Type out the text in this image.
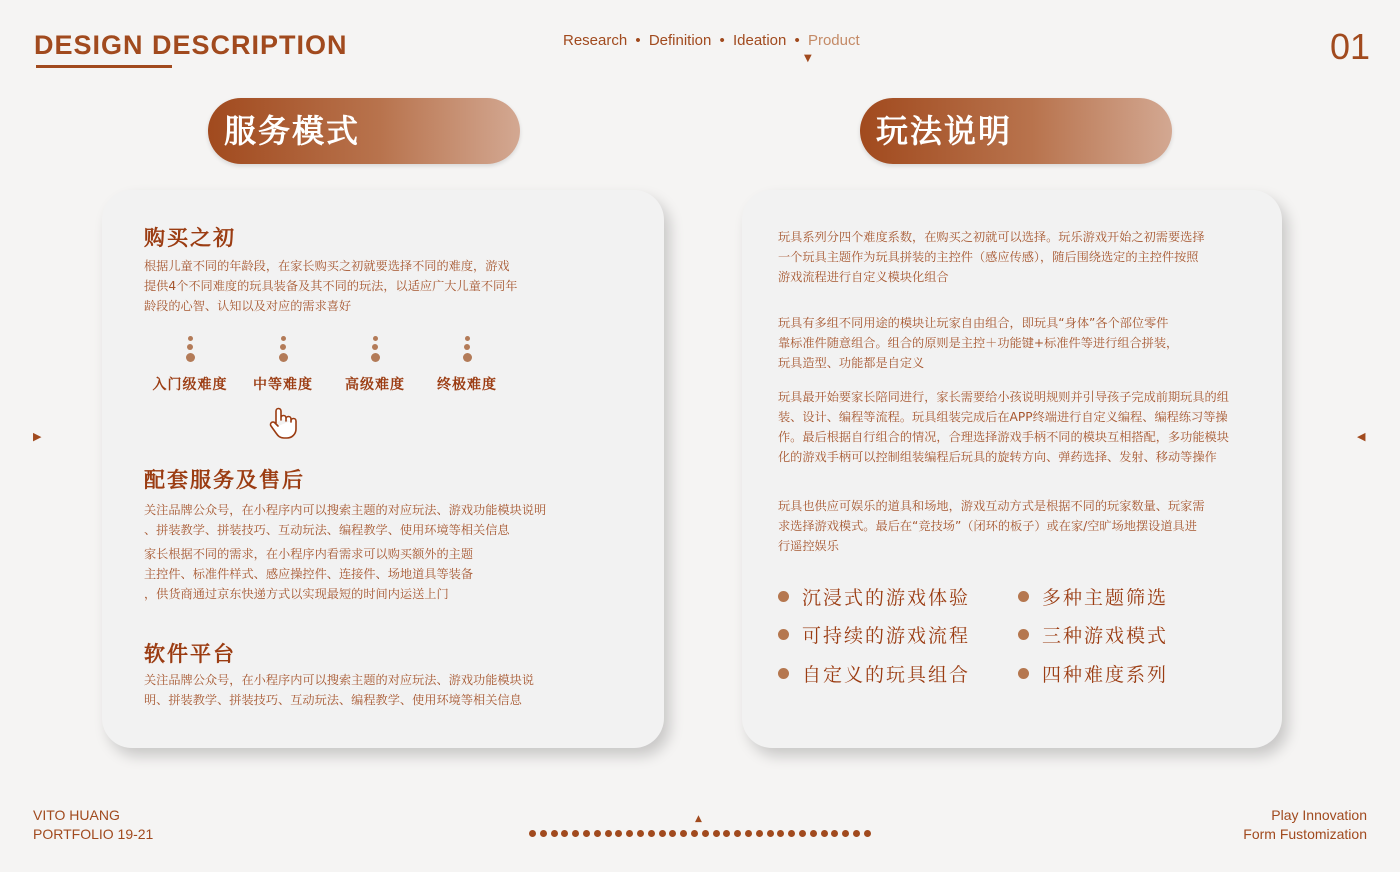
DESIGN DESCRIPTION	Research • Definition • Ideation • Product
▼	01
服务模式	玩法说明
购买之初
根据儿童不同的年龄段，在家长购买之初就要选择不同的难度，游戏
提供4个不同难度的玩具装备及其不同的玩法，以适应广大儿童不同年
龄段的心智、认知以及对应的需求喜好
入门级难度	中等难度	高级难度	终极难度
配套服务及售后
关注品牌公众号，在小程序内可以搜索主题的对应玩法、游戏功能模块说明
、拼装教学、拼装技巧、互动玩法、编程教学、使用环境等相关信息
家长根据不同的需求，在小程序内看需求可以购买额外的主题
主控件、标准件样式、感应操控件、连接件、场地道具等装备
，供货商通过京东快递方式以实现最短的时间内运送上门
软件平台
关注品牌公众号，在小程序内可以搜索主题的对应玩法、游戏功能模块说
明、拼装教学、拼装技巧、互动玩法、编程教学、使用环境等相关信息
玩具系列分四个难度系数，在购买之初就可以选择。玩乐游戏开始之初需要选择
一个玩具主题作为玩具拼装的主控件（感应传感），随后围绕选定的主控件按照
游戏流程进行自定义模块化组合
玩具有多组不同用途的模块让玩家自由组合，即玩具“身体”各个部位零件
靠标准件随意组合。组合的原则是主控＋功能键+标准件等进行组合拼装，
玩具造型、功能都是自定义
玩具最开始要家长陪同进行，家长需要给小孩说明规则并引导孩子完成前期玩具的组
装、设计、编程等流程。玩具组装完成后在APP终端进行自定义编程、编程练习等操
作。最后根据自行组合的情况，合理选择游戏手柄不同的模块互相搭配，多功能模块
化的游戏手柄可以控制组装编程后玩具的旋转方向、弹药选择、发射、移动等操作
玩具也供应可娱乐的道具和场地，游戏互动方式是根据不同的玩家数量、玩家需
求选择游戏模式。最后在“竞技场”（闭环的板子）或在家/空旷场地摆设道具进
行遥控娱乐
沉浸式的游戏体验	多种主题筛选
可持续的游戏流程	三种游戏模式
自定义的玩具组合	四种难度系列
▶	◀
VITO HUANG
PORTFOLIO 19-21
Play Innovation
Form Fustomization
▲
